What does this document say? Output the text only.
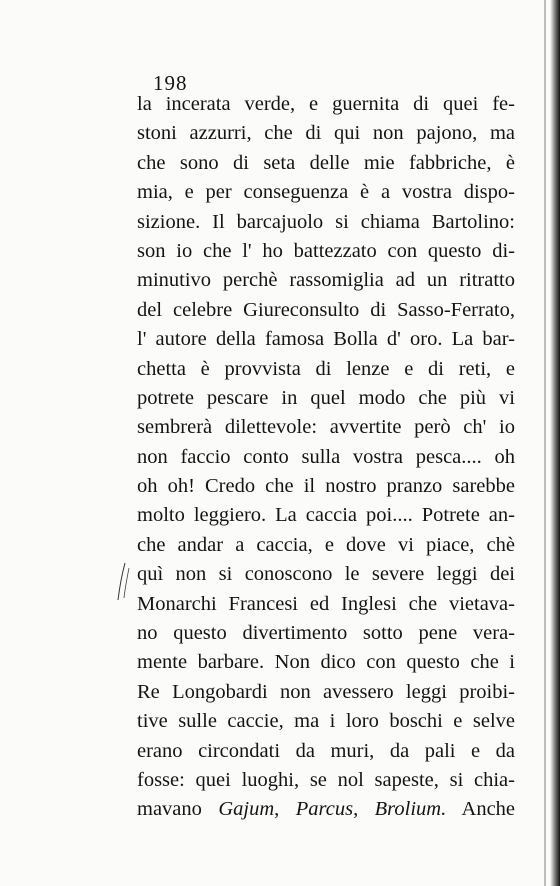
198
la incerata verde, e guernita di quei fe-
stoni azzurri, che di qui non pajono, ma
che sono di seta delle mie fabbriche, è
mia, e per conseguenza è a vostra dispo-
sizione. Il barcajuolo si chiama Bartolino:
son io che l' ho battezzato con questo di-
minutivo perchè rassomiglia ad un ritratto
del celebre Giureconsulto di Sasso-Ferrato,
l' autore della famosa Bolla d' oro. La bar-
chetta è provvista di lenze e di reti, e
potrete pescare in quel modo che più vi
sembrerà dilettevole: avvertite però ch' io
non faccio conto sulla vostra pesca.... oh
oh oh! Credo che il nostro pranzo sarebbe
molto leggiero. La caccia poi.... Potrete an-
che andar a caccia, e dove vi piace, chè
quì non si conoscono le severe leggi dei
Monarchi Francesi ed Inglesi che vietava-
no questo divertimento sotto pene vera-
mente barbare. Non dico con questo che i
Re Longobardi non avessero leggi proibi-
tive sulle caccie, ma i loro boschi e selve
erano circondati da muri, da pali e da
fosse: quei luoghi, se nol sapeste, si chia-
mavano Gajum, Parcus, Brolium. Anche
